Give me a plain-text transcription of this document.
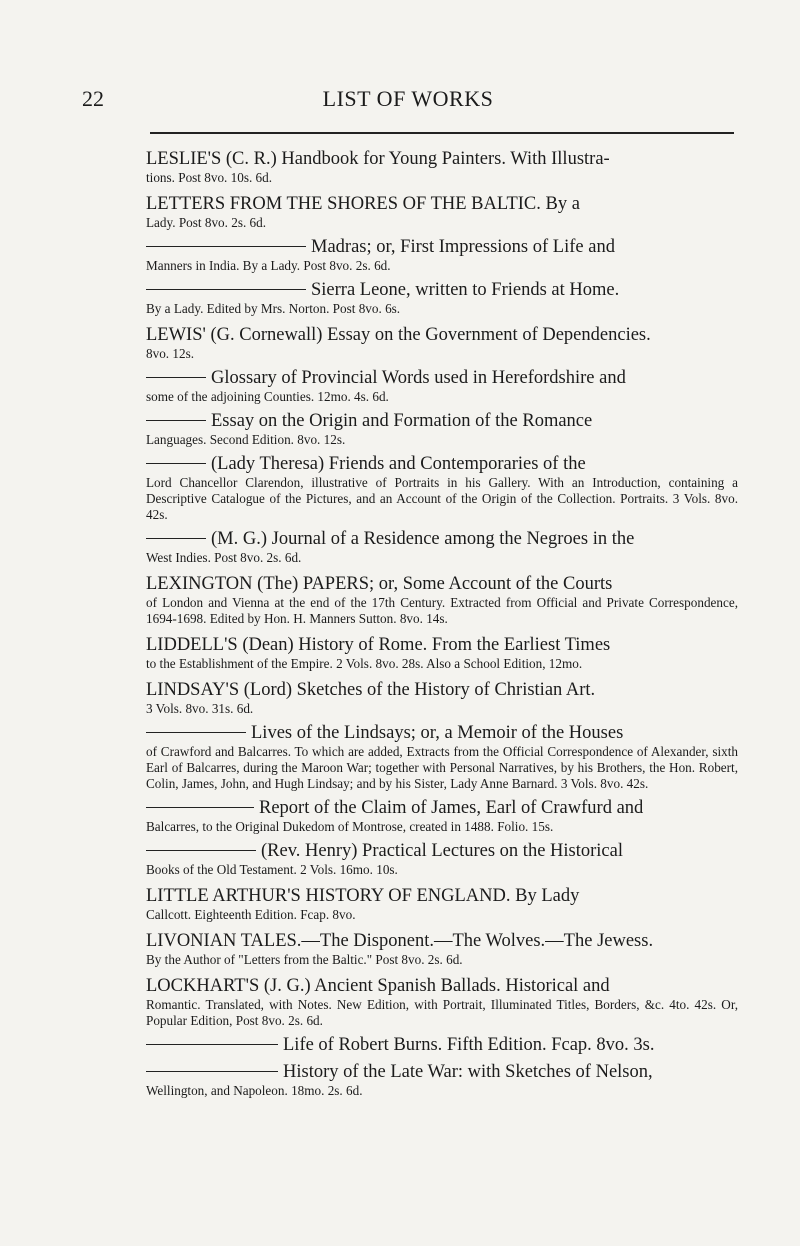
22	LIST OF WORKS
LESLIE'S (C. R.) Handbook for Young Painters. With Illustra-
tions. Post 8vo. 10s. 6d.
LETTERS FROM THE SHORES OF THE BALTIC. By a
Lady. Post 8vo. 2s. 6d.
Madras; or, First Impressions of Life and
Manners in India. By a Lady. Post 8vo. 2s. 6d.
Sierra Leone, written to Friends at Home.
By a Lady. Edited by Mrs. Norton. Post 8vo. 6s.
LEWIS' (G. Cornewall) Essay on the Government of Dependencies.
8vo. 12s.
Glossary of Provincial Words used in Herefordshire and
some of the adjoining Counties. 12mo. 4s. 6d.
Essay on the Origin and Formation of the Romance
Languages. Second Edition. 8vo. 12s.
(Lady Theresa) Friends and Contemporaries of the
Lord Chancellor Clarendon, illustrative of Portraits in his Gallery. With an Introduction, containing a Descriptive Catalogue of the Pictures, and an Account of the Origin of the Collection. Portraits. 3 Vols. 8vo. 42s.
(M. G.) Journal of a Residence among the Negroes in the
West Indies. Post 8vo. 2s. 6d.
LEXINGTON (The) PAPERS; or, Some Account of the Courts
of London and Vienna at the end of the 17th Century. Extracted from Official and Private Correspondence, 1694-1698. Edited by Hon. H. Manners Sutton. 8vo. 14s.
LIDDELL'S (Dean) History of Rome. From the Earliest Times
to the Establishment of the Empire. 2 Vols. 8vo. 28s. Also a School Edition, 12mo.
LINDSAY'S (Lord) Sketches of the History of Christian Art.
3 Vols. 8vo. 31s. 6d.
Lives of the Lindsays; or, a Memoir of the Houses
of Crawford and Balcarres. To which are added, Extracts from the Official Correspondence of Alexander, sixth Earl of Balcarres, during the Maroon War; together with Personal Narratives, by his Brothers, the Hon. Robert, Colin, James, John, and Hugh Lindsay; and by his Sister, Lady Anne Barnard. 3 Vols. 8vo. 42s.
Report of the Claim of James, Earl of Crawfurd and
Balcarres, to the Original Dukedom of Montrose, created in 1488. Folio. 15s.
(Rev. Henry) Practical Lectures on the Historical
Books of the Old Testament. 2 Vols. 16mo. 10s.
LITTLE ARTHUR'S HISTORY OF ENGLAND. By Lady
Callcott. Eighteenth Edition. Fcap. 8vo.
LIVONIAN TALES.—The Disponent.—The Wolves.—The Jewess.
By the Author of "Letters from the Baltic." Post 8vo. 2s. 6d.
LOCKHART'S (J. G.) Ancient Spanish Ballads. Historical and
Romantic. Translated, with Notes. New Edition, with Portrait, Illuminated Titles, Borders, &c. 4to. 42s. Or, Popular Edition, Post 8vo. 2s. 6d.
Life of Robert Burns. Fifth Edition. Fcap. 8vo. 3s.
History of the Late War: with Sketches of Nelson,
Wellington, and Napoleon. 18mo. 2s. 6d.
